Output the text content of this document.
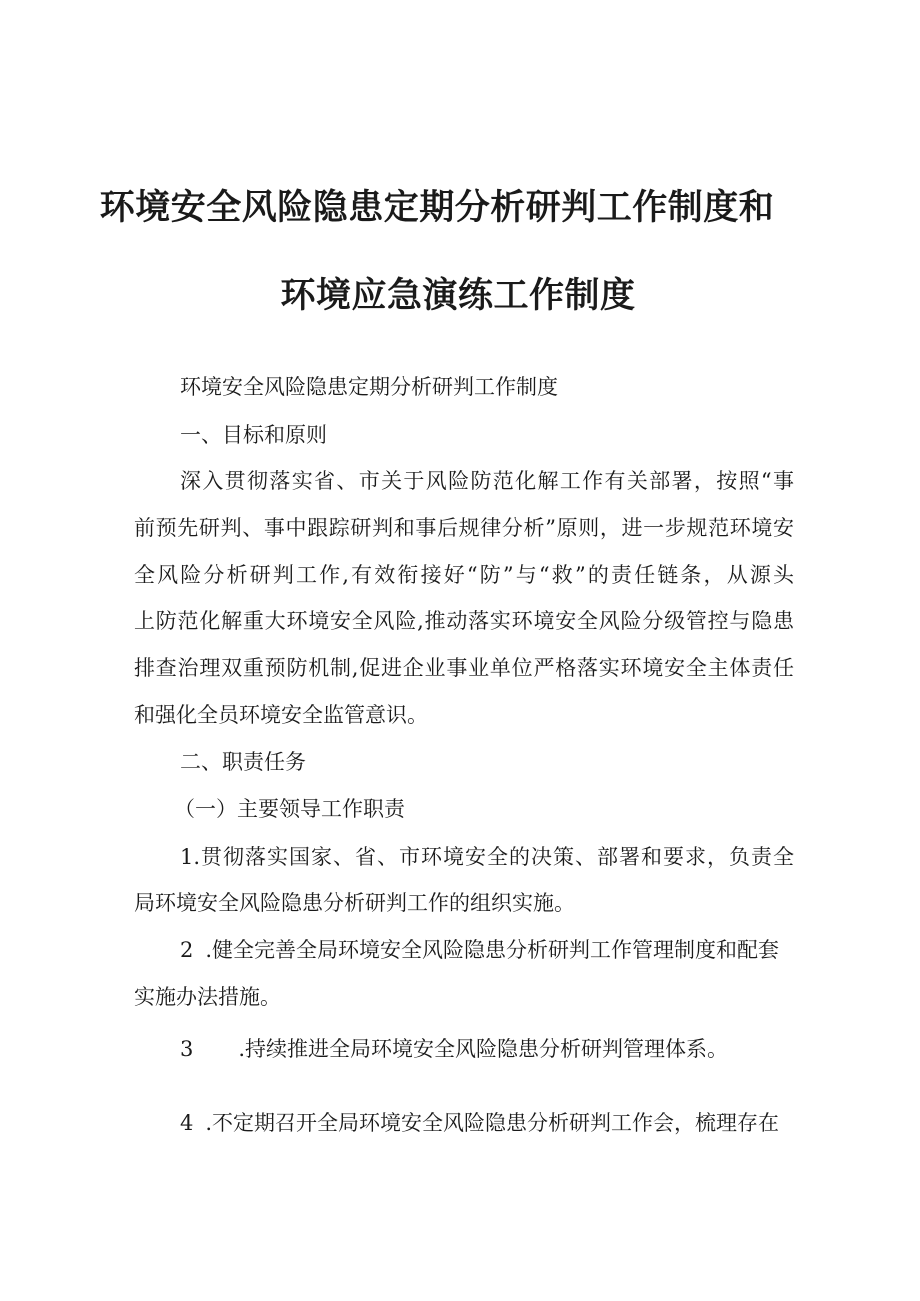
环境安全风险隐患定期分析研判工作制度和
环境应急演练工作制度

环境安全风险隐患定期分析研判工作制度

一、目标和原则

深入贯彻落实省、市关于风险防范化解工作有关部署，按照“事

前预先研判、事中跟踪研判和事后规律分析”原则，进一步规范环境安

全风险分析研判工作,有效衔接好“防”与“救”的责任链条，从源头

上防范化解重大环境安全风险,推动落实环境安全风险分级管控与隐患

排查治理双重预防机制,促进企业事业单位严格落实环境安全主体责任

和强化全员环境安全监管意识。

二、职责任务

（一）主要领导工作职责

1.贯彻落实国家、省、市环境安全的决策、部署和要求，负责全

局环境安全风险隐患分析研判工作的组织实施。

2 .健全完善全局环境安全风险隐患分析研判工作管理制度和配套

实施办法措施。

3 .持续推进全局环境安全风险隐患分析研判管理体系。

4 .不定期召开全局环境安全风险隐患分析研判工作会，梳理存在
